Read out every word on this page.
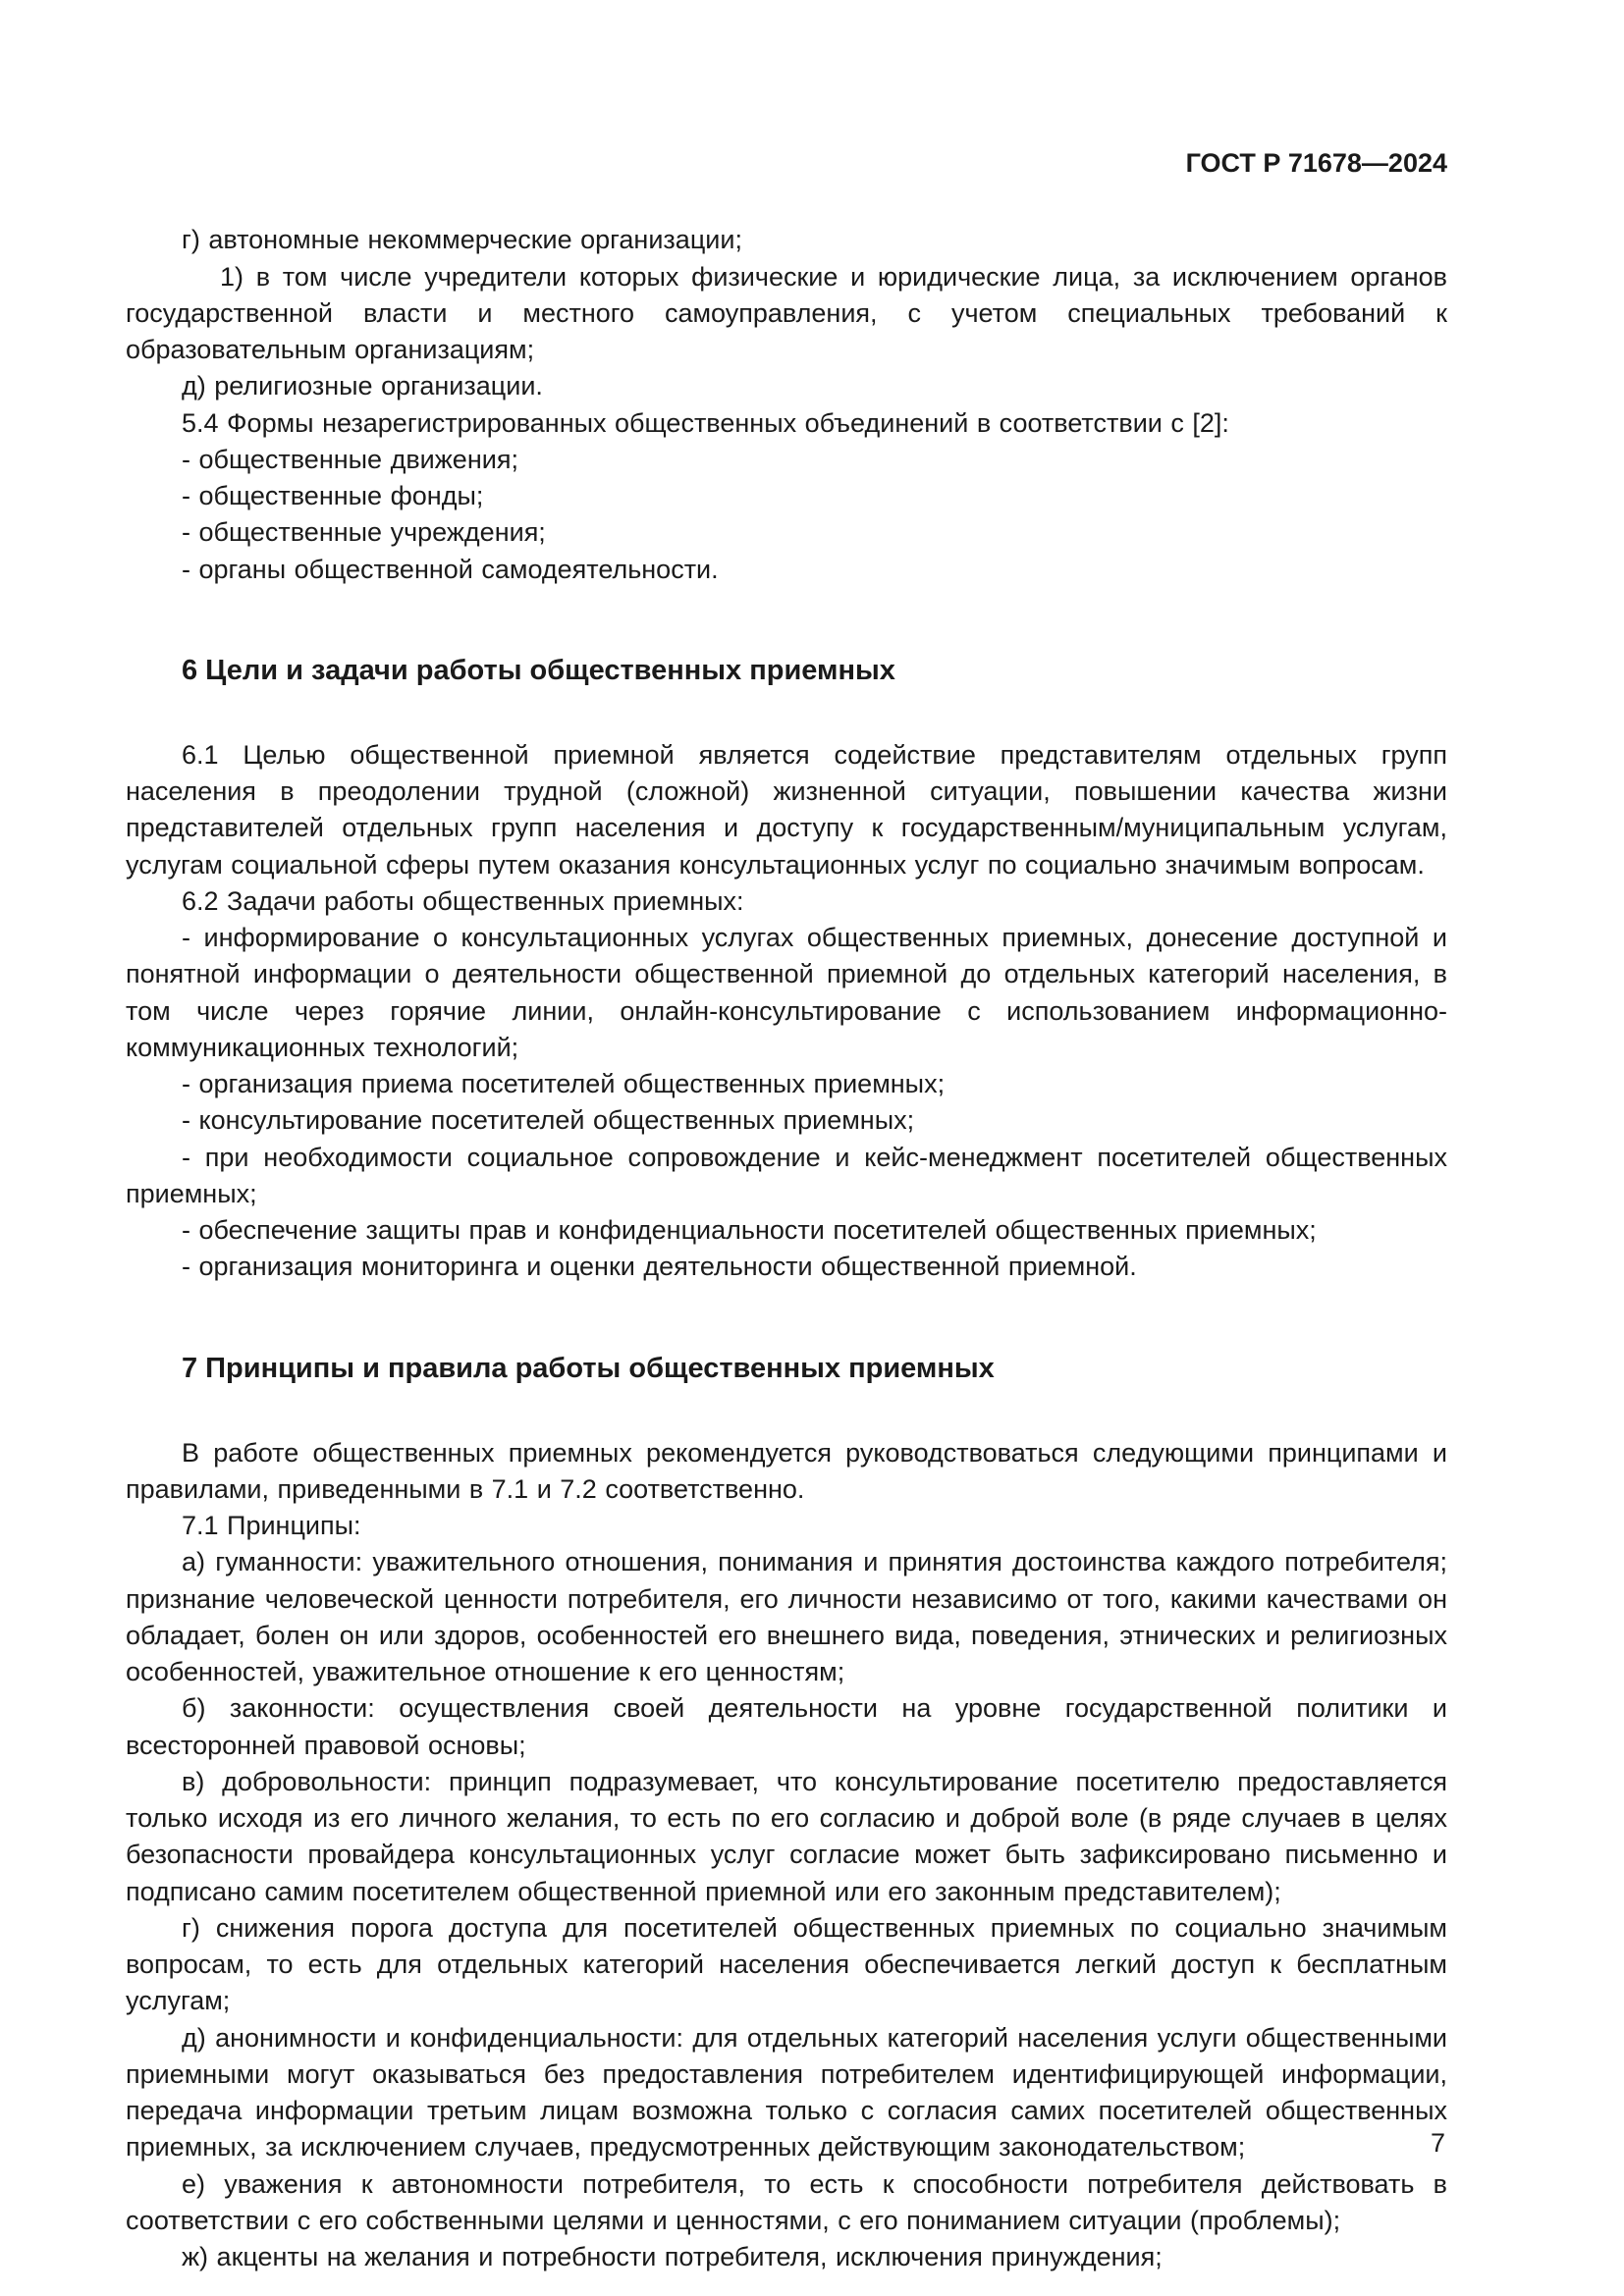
ГОСТ Р 71678—2024

г) автономные некоммерческие организации;

1) в том числе учредители которых физические и юридические лица, за исключением органов государственной власти и местного самоуправления, с учетом специальных требований к образовательным организациям;

д) религиозные организации.

5.4 Формы незарегистрированных общественных объединений в соответствии с [2]:

- общественные движения;

- общественные фонды;

- общественные учреждения;

- органы общественной самодеятельности.

6 Цели и задачи работы общественных приемных

6.1 Целью общественной приемной является содействие представителям отдельных групп населения в преодолении трудной (сложной) жизненной ситуации, повышении качества жизни представителей отдельных групп населения и доступу к государственным/муниципальным услугам, услугам социальной сферы путем оказания консультационных услуг по социально значимым вопросам.

6.2 Задачи работы общественных приемных:

- информирование о консультационных услугах общественных приемных, донесение доступной и понятной информации о деятельности общественной приемной до отдельных категорий населения, в том числе через горячие линии, онлайн-консультирование с использованием информационно-коммуникационных технологий;

- организация приема посетителей общественных приемных;

- консультирование посетителей общественных приемных;

- при необходимости социальное сопровождение и кейс-менеджмент посетителей общественных приемных;

- обеспечение защиты прав и конфиденциальности посетителей общественных приемных;

- организация мониторинга и оценки деятельности общественной приемной.

7 Принципы и правила работы общественных приемных

В работе общественных приемных рекомендуется руководствоваться следующими принципами и правилами, приведенными в 7.1 и 7.2 соответственно.

7.1 Принципы:

а) гуманности: уважительного отношения, понимания и принятия достоинства каждого потребителя; признание человеческой ценности потребителя, его личности независимо от того, какими качествами он обладает, болен он или здоров, особенностей его внешнего вида, поведения, этнических и религиозных особенностей, уважительное отношение к его ценностям;

б) законности: осуществления своей деятельности на уровне государственной политики и всесторонней правовой основы;

в) добровольности: принцип подразумевает, что консультирование посетителю предоставляется только исходя из его личного желания, то есть по его согласию и доброй воле (в ряде случаев в целях безопасности провайдера консультационных услуг согласие может быть зафиксировано письменно и подписано самим посетителем общественной приемной или его законным представителем);

г) снижения порога доступа для посетителей общественных приемных по социально значимым вопросам, то есть для отдельных категорий населения обеспечивается легкий доступ к бесплатным услугам;

д) анонимности и конфиденциальности: для отдельных категорий населения услуги общественными приемными могут оказываться без предоставления потребителем идентифицирующей информации, передача информации третьим лицам возможна только с согласия самих посетителей общественных приемных, за исключением случаев, предусмотренных действующим законодательством;

е) уважения к автономности потребителя, то есть к способности потребителя действовать в соответствии с его собственными целями и ценностями, с его пониманием ситуации (проблемы);

ж) акценты на желания и потребности потребителя, исключения принуждения;

7
